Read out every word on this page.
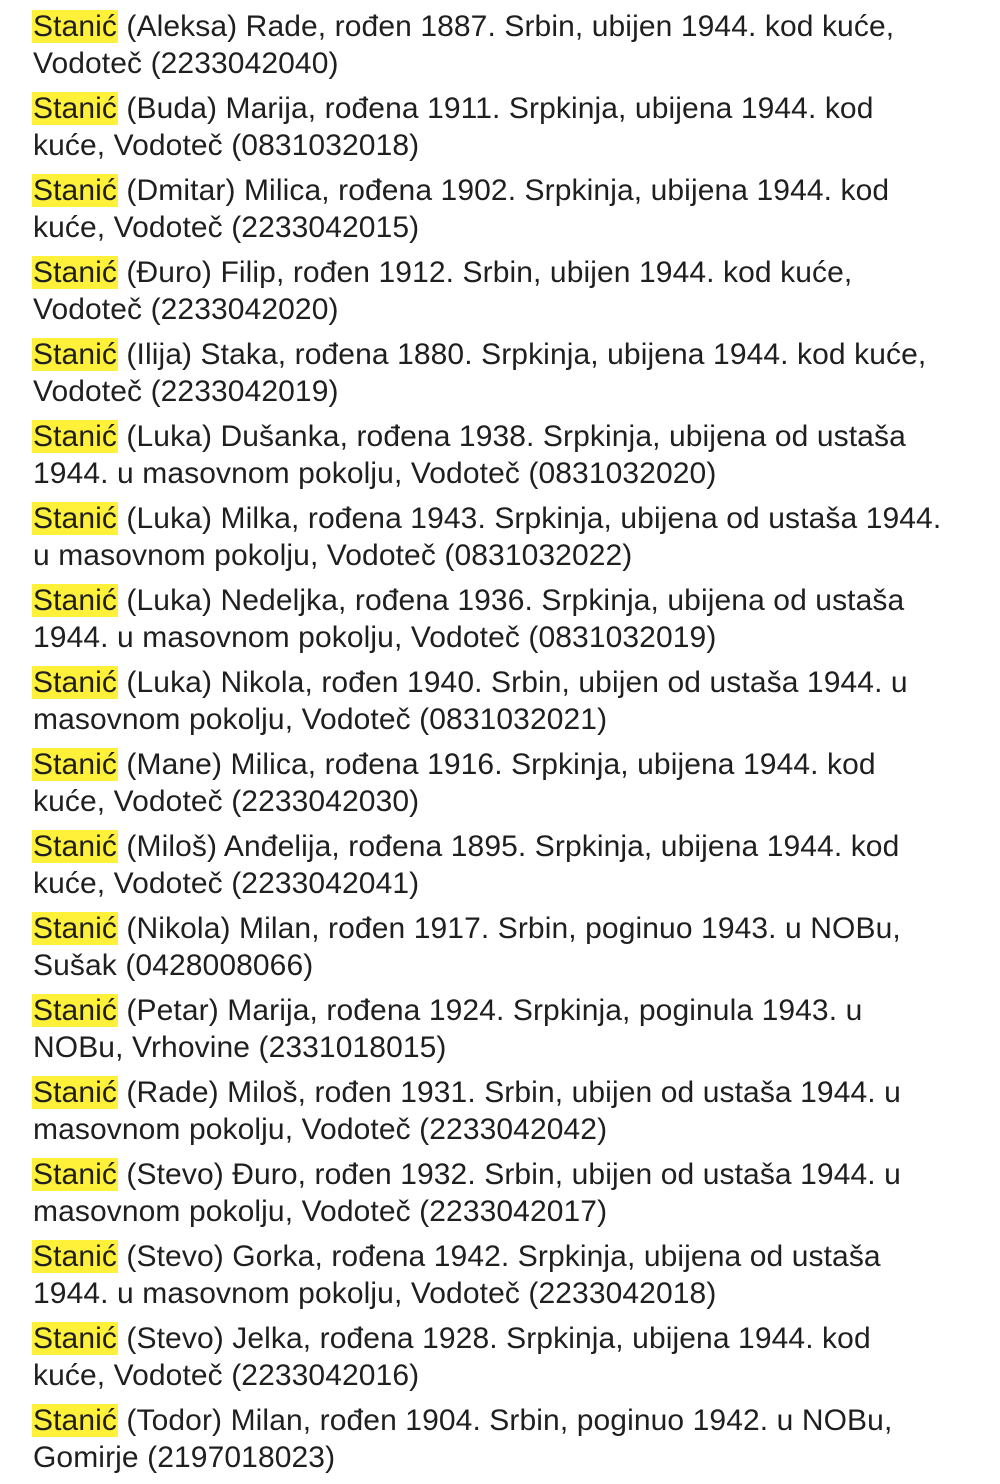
Stanić (Aleksa) Rade, rođen 1887. Srbin, ubijen 1944. kod kuće,
Vodoteč (2233042040)

Stanić (Buda) Marija, rođena 1911. Srpkinja, ubijena 1944. kod
kuće, Vodoteč (0831032018)

Stanić (Dmitar) Milica, rođena 1902. Srpkinja, ubijena 1944. kod
kuće, Vodoteč (2233042015)

Stanić (Đuro) Filip, rođen 1912. Srbin, ubijen 1944. kod kuće,
Vodoteč (2233042020)

Stanić (Ilija) Staka, rođena 1880. Srpkinja, ubijena 1944. kod kuće,
Vodoteč (2233042019)

Stanić (Luka) Dušanka, rođena 1938. Srpkinja, ubijena od ustaša
1944. u masovnom pokolju, Vodoteč (0831032020)

Stanić (Luka) Milka, rođena 1943. Srpkinja, ubijena od ustaša 1944.
u masovnom pokolju, Vodoteč (0831032022)

Stanić (Luka) Nedeljka, rođena 1936. Srpkinja, ubijena od ustaša
1944. u masovnom pokolju, Vodoteč (0831032019)

Stanić (Luka) Nikola, rođen 1940. Srbin, ubijen od ustaša 1944. u
masovnom pokolju, Vodoteč (0831032021)

Stanić (Mane) Milica, rođena 1916. Srpkinja, ubijena 1944. kod
kuće, Vodoteč (2233042030)

Stanić (Miloš) Anđelija, rođena 1895. Srpkinja, ubijena 1944. kod
kuće, Vodoteč (2233042041)

Stanić (Nikola) Milan, rođen 1917. Srbin, poginuo 1943. u NOBu,
Sušak (0428008066)

Stanić (Petar) Marija, rođena 1924. Srpkinja, poginula 1943. u
NOBu, Vrhovine (2331018015)

Stanić (Rade) Miloš, rođen 1931. Srbin, ubijen od ustaša 1944. u
masovnom pokolju, Vodoteč (2233042042)

Stanić (Stevo) Đuro, rođen 1932. Srbin, ubijen od ustaša 1944. u
masovnom pokolju, Vodoteč (2233042017)

Stanić (Stevo) Gorka, rođena 1942. Srpkinja, ubijena od ustaša
1944. u masovnom pokolju, Vodoteč (2233042018)

Stanić (Stevo) Jelka, rođena 1928. Srpkinja, ubijena 1944. kod
kuće, Vodoteč (2233042016)

Stanić (Todor) Milan, rođen 1904. Srbin, poginuo 1942. u NOBu,
Gomirje (2197018023)
